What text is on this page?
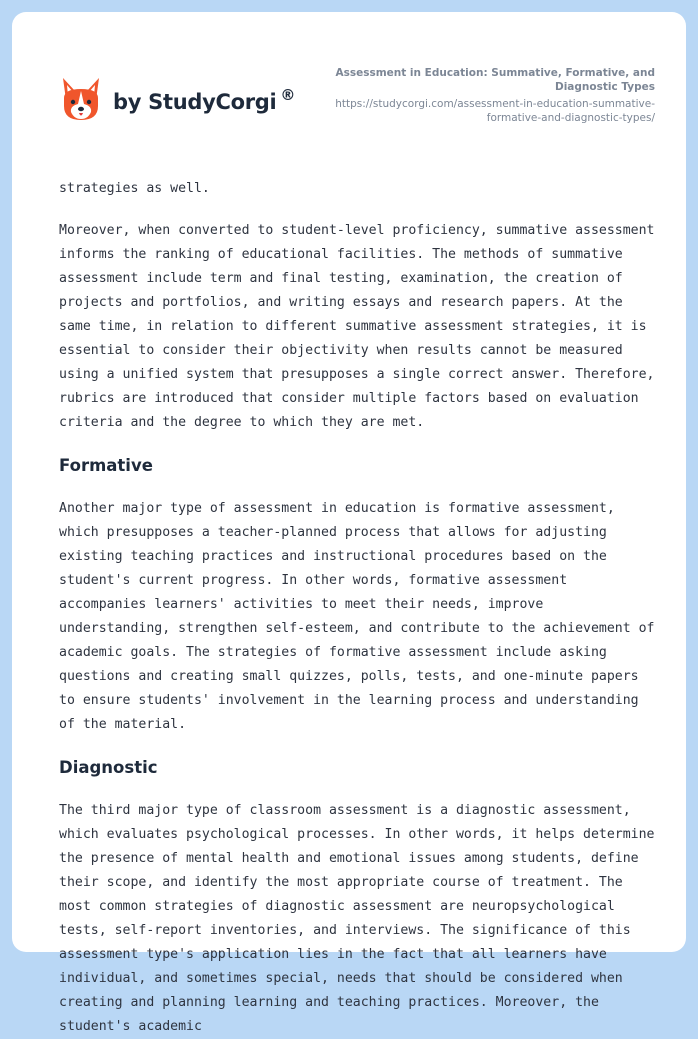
by StudyCorgi ®
Assessment in Education: Summative, Formative, and Diagnostic Types
https://studycorgi.com/assessment-in-education-summative-formative-and-diagnostic-types/

strategies as well.

Moreover, when converted to student-level proficiency, summative assessment informs the ranking of educational facilities. The methods of summative assessment include term and final testing, examination, the creation of projects and portfolios, and writing essays and research papers. At the same time, in relation to different summative assessment strategies, it is essential to consider their objectivity when results cannot be measured using a unified system that presupposes a single correct answer. Therefore, rubrics are introduced that consider multiple factors based on evaluation criteria and the degree to which they are met.

Formative

Another major type of assessment in education is formative assessment, which presupposes a teacher-planned process that allows for adjusting existing teaching practices and instructional procedures based on the student's current progress. In other words, formative assessment accompanies learners' activities to meet their needs, improve understanding, strengthen self-esteem, and contribute to the achievement of academic goals. The strategies of formative assessment include asking questions and creating small quizzes, polls, tests, and one-minute papers to ensure students' involvement in the learning process and understanding of the material.

Diagnostic

The third major type of classroom assessment is a diagnostic assessment, which evaluates psychological processes. In other words, it helps determine the presence of mental health and emotional issues among students, define their scope, and identify the most appropriate course of treatment. The most common strategies of diagnostic assessment are neuropsychological tests, self-report inventories, and interviews. The significance of this assessment type's application lies in the fact that all learners have individual, and sometimes special, needs that should be considered when creating and planning learning and teaching practices. Moreover, the student's academic
